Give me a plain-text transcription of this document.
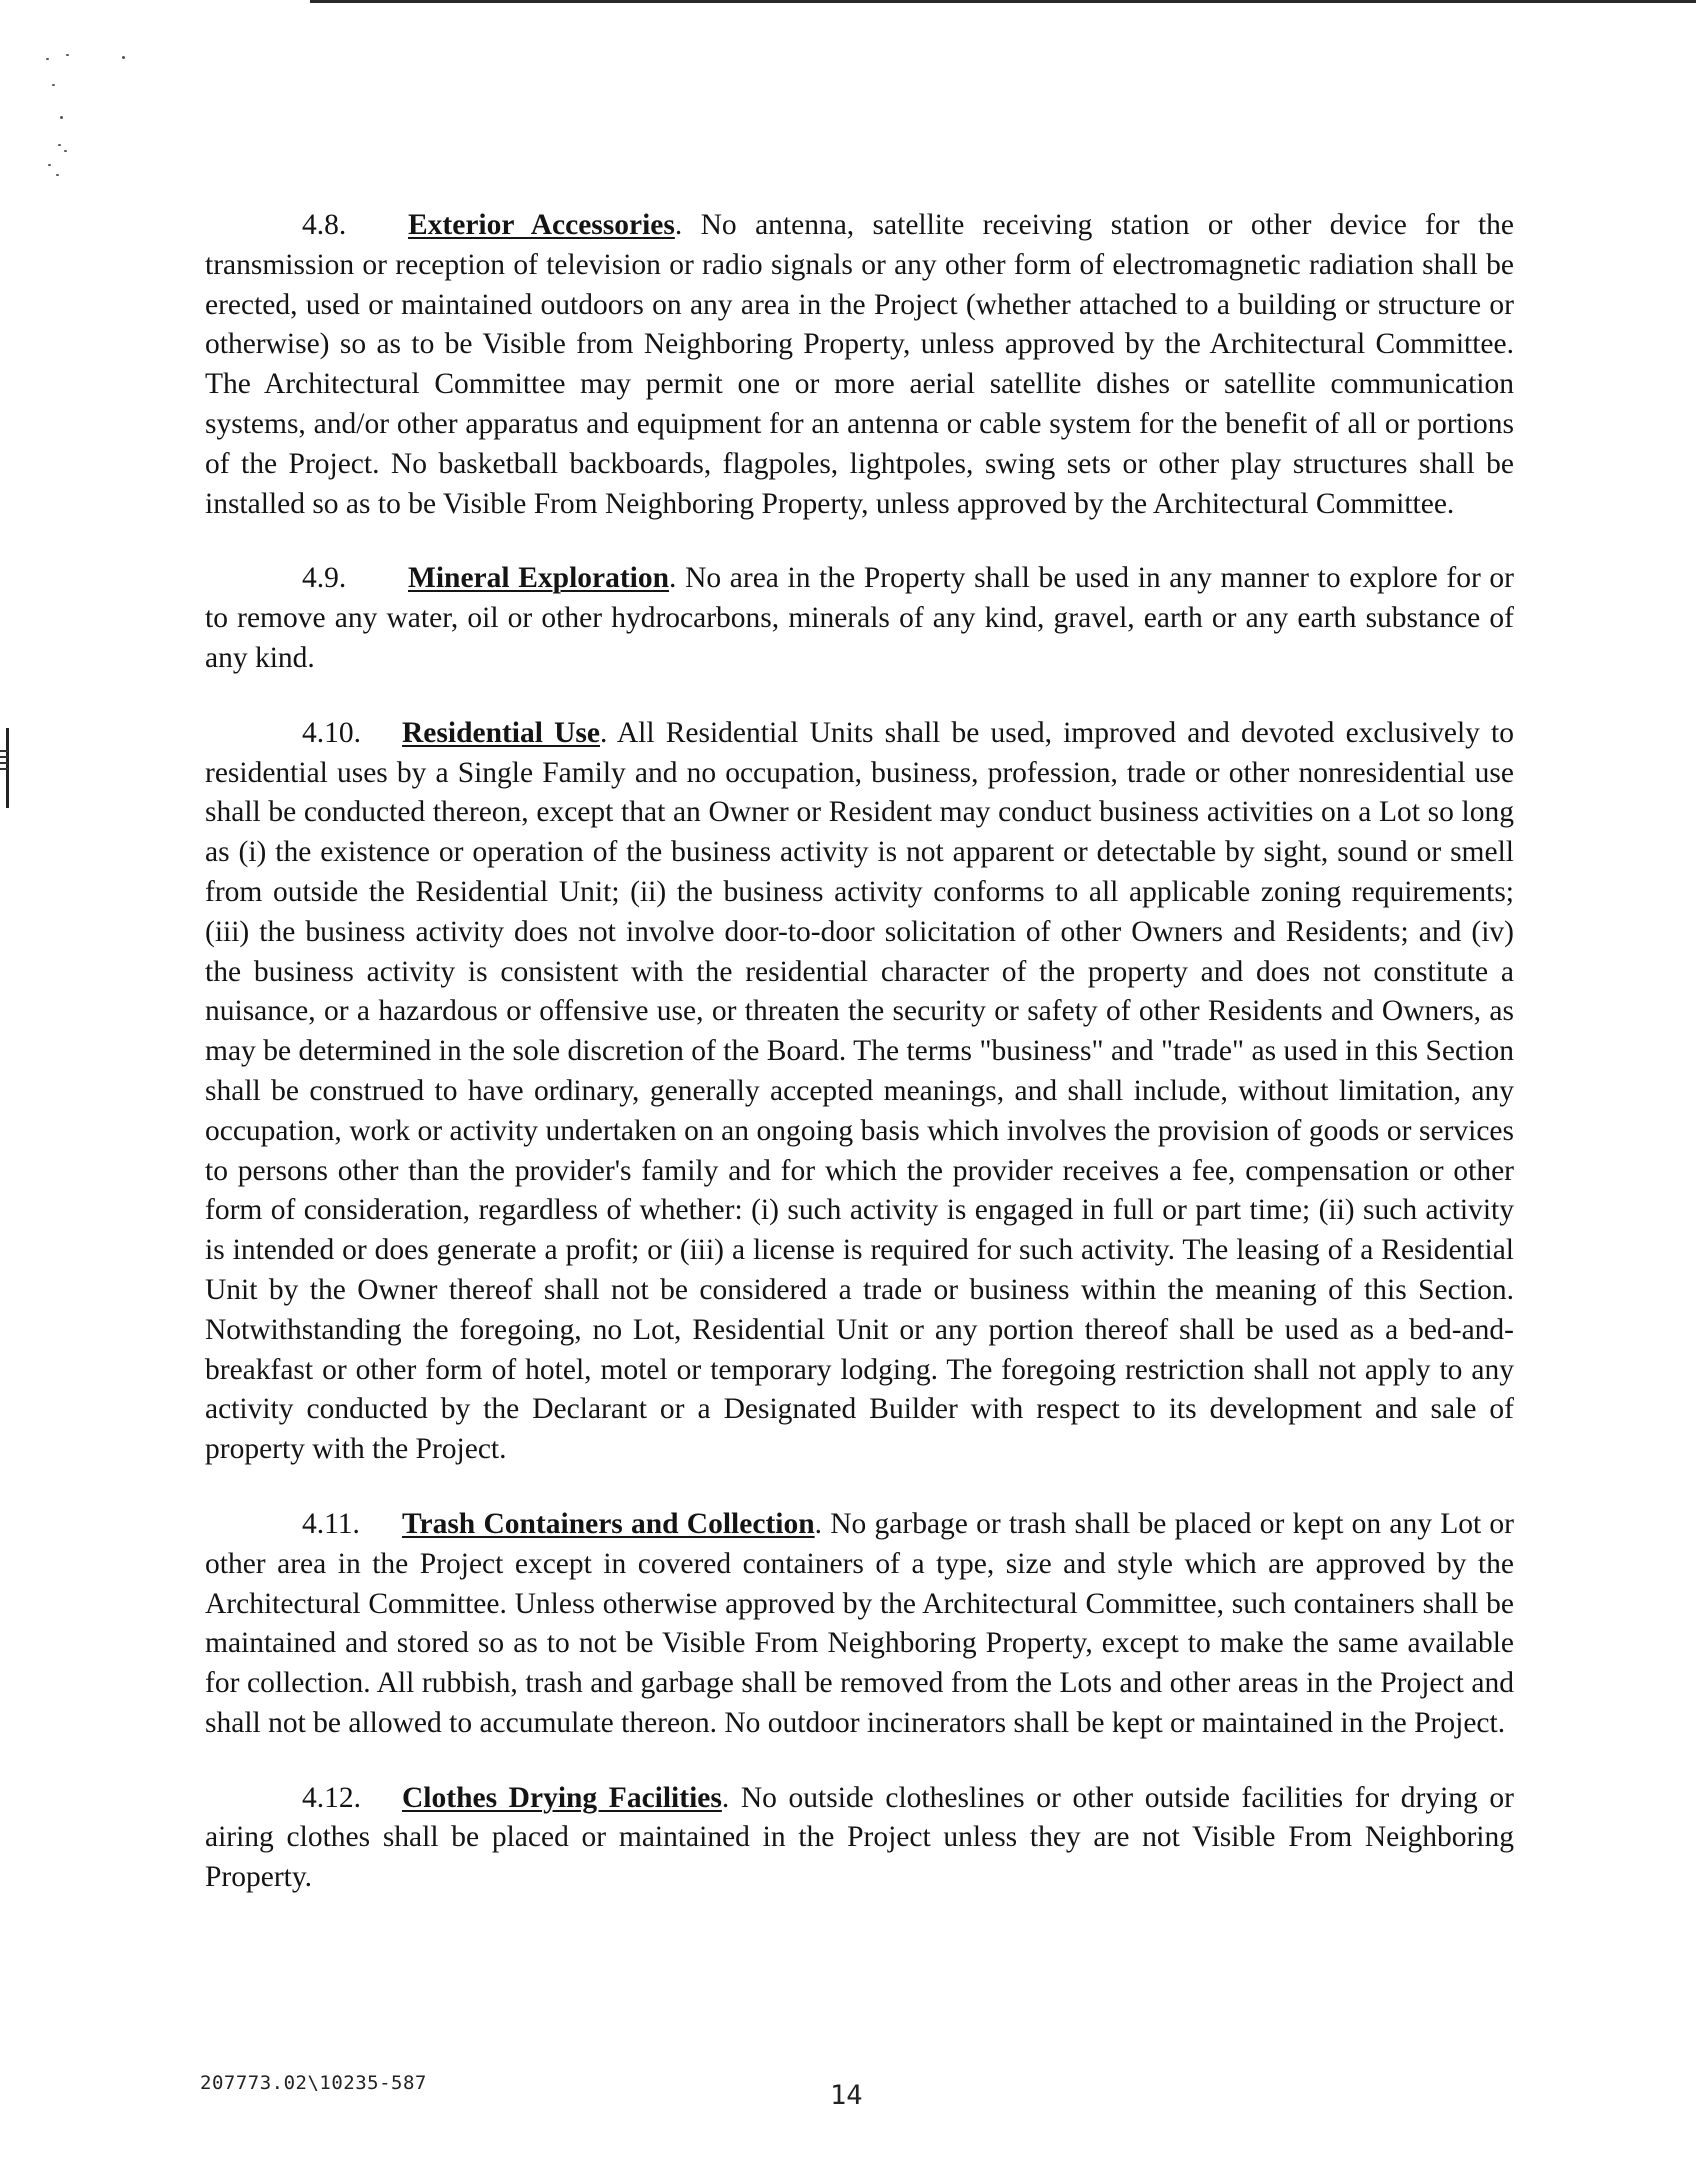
4.8. Exterior Accessories. No antenna, satellite receiving station or other device for the transmission or reception of television or radio signals or any other form of electromagnetic radiation shall be erected, used or maintained outdoors on any area in the Project (whether attached to a building or structure or otherwise) so as to be Visible from Neighboring Property, unless approved by the Architectural Committee. The Architectural Committee may permit one or more aerial satellite dishes or satellite communication systems, and/or other apparatus and equipment for an antenna or cable system for the benefit of all or portions of the Project. No basketball backboards, flagpoles, lightpoles, swing sets or other play structures shall be installed so as to be Visible From Neighboring Property, unless approved by the Architectural Committee.

4.9. Mineral Exploration. No area in the Property shall be used in any manner to explore for or to remove any water, oil or other hydrocarbons, minerals of any kind, gravel, earth or any earth substance of any kind.

4.10. Residential Use. All Residential Units shall be used, improved and devoted exclusively to residential uses by a Single Family and no occupation, business, profession, trade or other nonresidential use shall be conducted thereon, except that an Owner or Resident may conduct business activities on a Lot so long as (i) the existence or operation of the business activity is not apparent or detectable by sight, sound or smell from outside the Residential Unit; (ii) the business activity conforms to all applicable zoning requirements; (iii) the business activity does not involve door-to-door solicitation of other Owners and Residents; and (iv) the business activity is consistent with the residential character of the property and does not constitute a nuisance, or a hazardous or offensive use, or threaten the security or safety of other Residents and Owners, as may be determined in the sole discretion of the Board. The terms "business" and "trade" as used in this Section shall be construed to have ordinary, generally accepted meanings, and shall include, without limitation, any occupation, work or activity undertaken on an ongoing basis which involves the provision of goods or services to persons other than the provider's family and for which the provider receives a fee, compensation or other form of consideration, regardless of whether: (i) such activity is engaged in full or part time; (ii) such activity is intended or does generate a profit; or (iii) a license is required for such activity. The leasing of a Residential Unit by the Owner thereof shall not be considered a trade or business within the meaning of this Section. Notwithstanding the foregoing, no Lot, Residential Unit or any portion thereof shall be used as a bed-and-breakfast or other form of hotel, motel or temporary lodging. The foregoing restriction shall not apply to any activity conducted by the Declarant or a Designated Builder with respect to its development and sale of property with the Project.

4.11. Trash Containers and Collection. No garbage or trash shall be placed or kept on any Lot or other area in the Project except in covered containers of a type, size and style which are approved by the Architectural Committee. Unless otherwise approved by the Architectural Committee, such containers shall be maintained and stored so as to not be Visible From Neighboring Property, except to make the same available for collection. All rubbish, trash and garbage shall be removed from the Lots and other areas in the Project and shall not be allowed to accumulate thereon. No outdoor incinerators shall be kept or maintained in the Project.

4.12. Clothes Drying Facilities. No outside clotheslines or other outside facilities for drying or airing clothes shall be placed or maintained in the Project unless they are not Visible From Neighboring Property.

207773.02\10235-587	14
